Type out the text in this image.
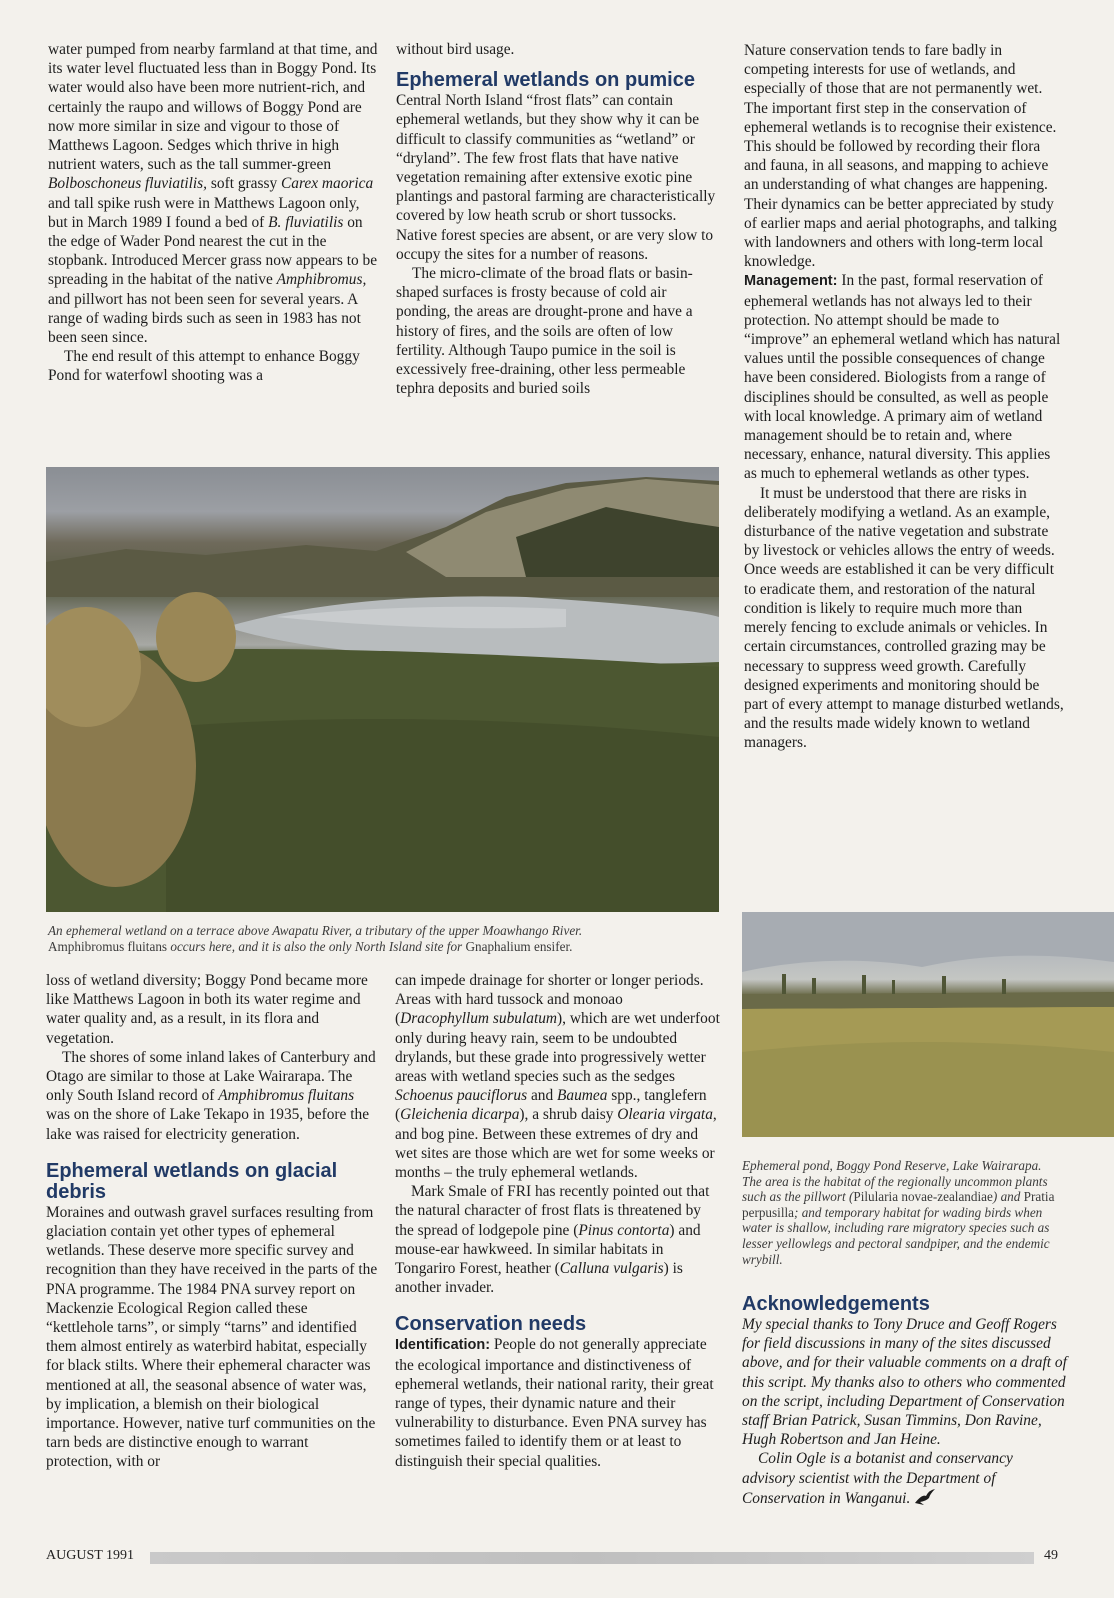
water pumped from nearby farmland at that time, and its water level fluctuated less than in Boggy Pond. Its water would also have been more nutrient-rich, and certainly the raupo and willows of Boggy Pond are now more similar in size and vigour to those of Matthews Lagoon. Sedges which thrive in high nutrient waters, such as the tall summer-green Bolboschoneus fluviatilis, soft grassy Carex maorica and tall spike rush were in Matthews Lagoon only, but in March 1989 I found a bed of B. fluviatilis on the edge of Wader Pond nearest the cut in the stopbank. Introduced Mercer grass now appears to be spreading in the habitat of the native Amphibromus, and pillwort has not been seen for several years. A range of wading birds such as seen in 1983 has not been seen since.

The end result of this attempt to enhance Boggy Pond for waterfowl shooting was a

without bird usage.

Ephemeral wetlands on pumice

Central North Island “frost flats” can contain ephemeral wetlands, but they show why it can be difficult to classify communities as “wetland” or “dryland”. The few frost flats that have native vegetation remaining after extensive exotic pine plantings and pastoral farming are characteristically covered by low heath scrub or short tussocks. Native forest species are absent, or are very slow to occupy the sites for a number of reasons.

The micro-climate of the broad flats or basin-shaped surfaces is frosty because of cold air ponding, the areas are drought-prone and have a history of fires, and the soils are often of low fertility. Although Taupo pumice in the soil is excessively free-draining, other less permeable tephra deposits and buried soils

Nature conservation tends to fare badly in competing interests for use of wetlands, and especially of those that are not permanently wet. The important first step in the conservation of ephemeral wetlands is to recognise their existence. This should be followed by recording their flora and fauna, in all seasons, and mapping to achieve an understanding of what changes are happening. Their dynamics can be better appreciated by study of earlier maps and aerial photographs, and talking with landowners and others with long-term local knowledge.

Management: In the past, formal reservation of ephemeral wetlands has not always led to their protection. No attempt should be made to “improve” an ephemeral wetland which has natural values until the possible consequences of change have been considered. Biologists from a range of disciplines should be consulted, as well as people with local knowledge. A primary aim of wetland management should be to retain and, where necessary, enhance, natural diversity. This applies as much to ephemeral wetlands as other types.

It must be understood that there are risks in deliberately modifying a wetland. As an example, disturbance of the native vegetation and substrate by livestock or vehicles allows the entry of weeds. Once weeds are established it can be very difficult to eradicate them, and restoration of the natural condition is likely to require much more than merely fencing to exclude animals or vehicles. In certain circumstances, controlled grazing may be necessary to suppress weed growth. Carefully designed experiments and monitoring should be part of every attempt to manage disturbed wetlands, and the results made widely known to wetland managers.

An ephemeral wetland on a terrace above Awapatu River, a tributary of the upper Moawhango River.
Amphibromus fluitans occurs here, and it is also the only North Island site for Gnaphalium ensifer.

loss of wetland diversity; Boggy Pond became more like Matthews Lagoon in both its water regime and water quality and, as a result, in its flora and vegetation.

The shores of some inland lakes of Canterbury and Otago are similar to those at Lake Wairarapa. The only South Island record of Amphibromus fluitans was on the shore of Lake Tekapo in 1935, before the lake was raised for electricity generation.

Ephemeral wetlands on glacial debris

Moraines and outwash gravel surfaces resulting from glaciation contain yet other types of ephemeral wetlands. These deserve more specific survey and recognition than they have received in the parts of the PNA programme. The 1984 PNA survey report on Mackenzie Ecological Region called these “kettlehole tarns”, or simply “tarns” and identified them almost entirely as waterbird habitat, especially for black stilts. Where their ephemeral character was mentioned at all, the seasonal absence of water was, by implication, a blemish on their biological importance. However, native turf communities on the tarn beds are distinctive enough to warrant protection, with or

can impede drainage for shorter or longer periods. Areas with hard tussock and monoao (Dracophyllum subulatum), which are wet underfoot only during heavy rain, seem to be undoubted drylands, but these grade into progressively wetter areas with wetland species such as the sedges Schoenus pauciflorus and Baumea spp., tanglefern (Gleichenia dicarpa), a shrub daisy Olearia virgata, and bog pine. Between these extremes of dry and wet sites are those which are wet for some weeks or months – the truly ephemeral wetlands.

Mark Smale of FRI has recently pointed out that the natural character of frost flats is threatened by the spread of lodgepole pine (Pinus contorta) and mouse-ear hawkweed. In similar habitats in Tongariro Forest, heather (Calluna vulgaris) is another invader.

Conservation needs

Identification: People do not generally appreciate the ecological importance and distinctiveness of ephemeral wetlands, their national rarity, their great range of types, their dynamic nature and their vulnerability to disturbance. Even PNA survey has sometimes failed to identify them or at least to distinguish their special qualities.

Ephemeral pond, Boggy Pond Reserve, Lake Wairarapa. The area is the habitat of the regionally uncommon plants such as the pillwort (Pilularia novae-zealandiae) and Pratia perpusilla; and temporary habitat for wading birds when water is shallow, including rare migratory species such as lesser yellowlegs and pectoral sandpiper, and the endemic wrybill.
Acknowledgements

My special thanks to Tony Druce and Geoff Rogers for field discussions in many of the sites discussed above, and for their valuable comments on a draft of this script. My thanks also to others who commented on the script, including Department of Conservation staff Brian Patrick, Susan Timmins, Don Ravine, Hugh Robertson and Jan Heine.

Colin Ogle is a botanist and conservancy advisory scientist with the Department of Conservation in Wanganui.

AUGUST 1991	49
